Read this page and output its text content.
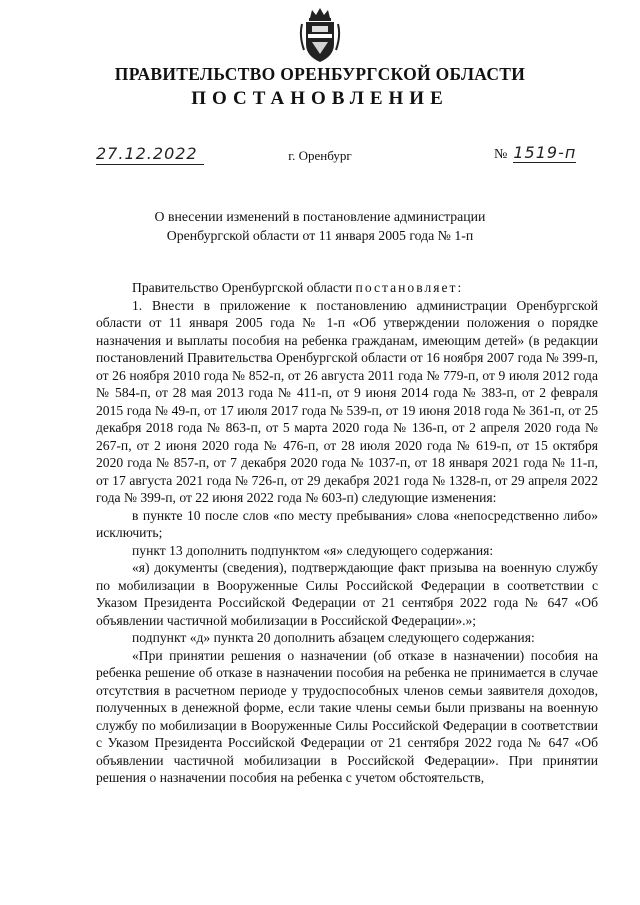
ПРАВИТЕЛЬСТВО ОРЕНБУРГСКОЙ ОБЛАСТИ
ПОСТАНОВЛЕНИЕ
27.12.2022	г. Оренбург	№ 1519-п
О внесении изменений в постановление администрации
Оренбургской области от 11 января 2005 года № 1-п

Правительство Оренбургской области постановляет:

1. Внести в приложение к постановлению администрации Оренбургской области от 11 января 2005 года № 1-п «Об утверждении положения о порядке назначения и выплаты пособия на ребенка гражданам, имеющим детей» (в редакции постановлений Правительства Оренбургской области от 16 ноября 2007 года № 399-п, от 26 ноября 2010 года № 852-п, от 26 августа 2011 года № 779-п, от 9 июля 2012 года № 584-п, от 28 мая 2013 года № 411-п, от 9 июня 2014 года № 383-п, от 2 февраля 2015 года № 49-п, от 17 июля 2017 года № 539-п, от 19 июня 2018 года № 361-п, от 25 декабря 2018 года № 863-п, от 5 марта 2020 года № 136-п, от 2 апреля 2020 года № 267-п, от 2 июня 2020 года № 476-п, от 28 июля 2020 года № 619-п, от 15 октября 2020 года № 857-п, от 7 декабря 2020 года № 1037-п, от 18 января 2021 года № 11-п, от 17 августа 2021 года № 726-п, от 29 декабря 2021 года № 1328-п, от 29 апреля 2022 года № 399-п, от 22 июня 2022 года № 603-п) следующие изменения:

в пункте 10 после слов «по месту пребывания» слова «непосредственно либо» исключить;

пункт 13 дополнить подпунктом «я» следующего содержания:

«я) документы (сведения), подтверждающие факт призыва на военную службу по мобилизации в Вооруженные Силы Российской Федерации в соответствии с Указом Президента Российской Федерации от 21 сентября 2022 года № 647 «Об объявлении частичной мобилизации в Российской Федерации».»;

подпункт «д» пункта 20 дополнить абзацем следующего содержания:

«При принятии решения о назначении (об отказе в назначении) пособия на ребенка решение об отказе в назначении пособия на ребенка не принимается в случае отсутствия в расчетном периоде у трудоспособных членов семьи заявителя доходов, полученных в денежной форме, если такие члены семьи были призваны на военную службу по мобилизации в Вооруженные Силы Российской Федерации в соответствии с Указом Президента Российской Федерации от 21 сентября 2022 года № 647 «Об объявлении частичной мобилизации в Российской Федерации». При принятии решения о назначении пособия на ребенка с учетом обстоятельств,
